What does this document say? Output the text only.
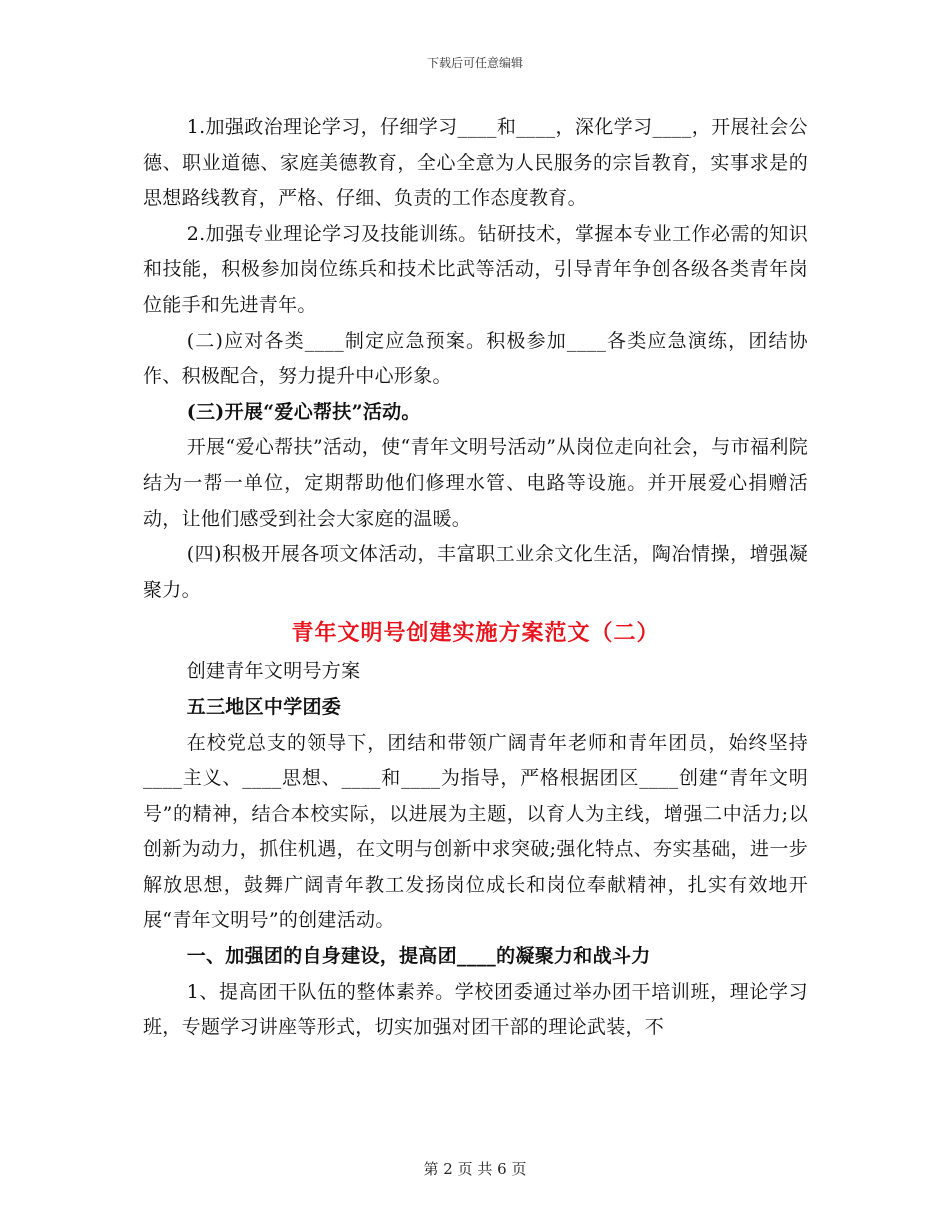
下载后可任意编辑

1.加强政治理论学习，仔细学习____和____，深化学习____，开展社会公德、职业道德、家庭美德教育，全心全意为人民服务的宗旨教育，实事求是的思想路线教育，严格、仔细、负责的工作态度教育。

2.加强专业理论学习及技能训练。钻研技术，掌握本专业工作必需的知识和技能，积极参加岗位练兵和技术比武等活动，引导青年争创各级各类青年岗位能手和先进青年。

(二)应对各类____制定应急预案。积极参加____各类应急演练，团结协作、积极配合，努力提升中心形象。

(三)开展“爱心帮扶”活动。

开展“爱心帮扶”活动，使“青年文明号活动”从岗位走向社会，与市福利院结为一帮一单位，定期帮助他们修理水管、电路等设施。并开展爱心捐赠活动，让他们感受到社会大家庭的温暖。

(四)积极开展各项文体活动，丰富职工业余文化生活，陶冶情操，增强凝聚力。

青年文明号创建实施方案范文（二）

创建青年文明号方案

五三地区中学团委

在校党总支的领导下，团结和带领广阔青年老师和青年团员，始终坚持____主义、____思想、____和____为指导，严格根据团区____创建“青年文明号”的精神，结合本校实际，以进展为主题，以育人为主线，增强二中活力;以创新为动力，抓住机遇，在文明与创新中求突破;强化特点、夯实基础，进一步解放思想，鼓舞广阔青年教工发扬岗位成长和岗位奉献精神，扎实有效地开展“青年文明号”的创建活动。

一、加强团的自身建设，提高团____的凝聚力和战斗力

1、提高团干队伍的整体素养。学校团委通过举办团干培训班，理论学习班，专题学习讲座等形式，切实加强对团干部的理论武装，不

第 2 页 共 6 页
